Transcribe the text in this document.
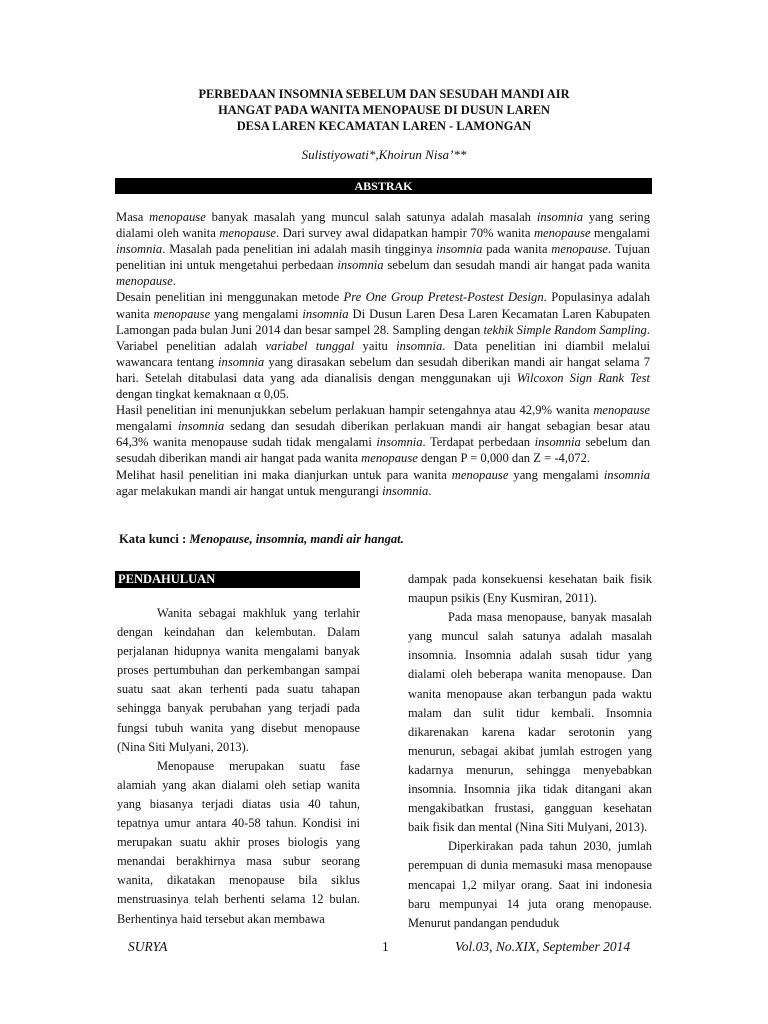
PERBEDAAN INSOMNIA SEBELUM DAN SESUDAH MANDI AIR
HANGAT PADA WANITA MENOPAUSE DI DUSUN LAREN
DESA LAREN KECAMATAN LAREN - LAMONGAN
Sulistiyowati*,Khoirun Nisa’**
ABSTRAK

Masa menopause banyak masalah yang muncul salah satunya adalah masalah insomnia yang sering dialami oleh wanita menopause. Dari survey awal didapatkan hampir 70% wanita menopause mengalami insomnia. Masalah pada penelitian ini adalah masih tingginya insomnia pada wanita menopause. Tujuan penelitian ini untuk mengetahui perbedaan insomnia sebelum dan sesudah mandi air hangat pada wanita menopause.

Desain penelitian ini menggunakan metode Pre One Group Pretest-Postest Design. Populasinya adalah wanita menopause yang mengalami insomnia Di Dusun Laren Desa Laren Kecamatan Laren Kabupaten Lamongan pada bulan Juni 2014 dan besar sampel 28. Sampling dengan tekhik Simple Random Sampling. Variabel penelitian adalah variabel tunggal yaitu insomnia. Data penelitian ini diambil melalui wawancara tentang insomnia yang dirasakan sebelum dan sesudah diberikan mandi air hangat selama 7 hari. Setelah ditabulasi data yang ada dianalisis dengan menggunakan uji Wilcoxon Sign Rank Test dengan tingkat kemaknaan α 0,05.

Hasil penelitian ini menunjukkan sebelum perlakuan hampir setengahnya atau 42,9% wanita menopause mengalami insomnia sedang dan sesudah diberikan perlakuan mandi air hangat sebagian besar atau 64,3% wanita menopause sudah tidak mengalami insomnia. Terdapat perbedaan insomnia sebelum dan sesudah diberikan mandi air hangat pada wanita menopause dengan P = 0,000 dan Z = -4,072.

Melihat hasil penelitian ini maka dianjurkan untuk para wanita menopause yang mengalami insomnia agar melakukan mandi air hangat untuk mengurangi insomnia.

Kata kunci : Menopause, insomnia, mandi air hangat.
PENDAHULUAN

Wanita sebagai makhluk yang terlahir dengan keindahan dan kelembutan. Dalam perjalanan hidupnya wanita mengalami banyak proses pertumbuhan dan perkembangan sampai suatu saat akan terhenti pada suatu tahapan sehingga banyak perubahan yang terjadi pada fungsi tubuh wanita yang disebut menopause (Nina Siti Mulyani, 2013).

Menopause merupakan suatu fase alamiah yang akan dialami oleh setiap wanita yang biasanya terjadi diatas usia 40 tahun, tepatnya umur antara 40-58 tahun. Kondisi ini merupakan suatu akhir proses biologis yang menandai berakhirnya masa subur seorang wanita, dikatakan menopause bila siklus menstruasinya telah berhenti selama 12 bulan. Berhentinya haid tersebut akan membawa

dampak pada konsekuensi kesehatan baik fisik maupun psikis (Eny Kusmiran, 2011).

Pada masa menopause, banyak masalah yang muncul salah satunya adalah masalah insomnia. Insomnia adalah susah tidur yang dialami oleh beberapa wanita menopause. Dan wanita menopause akan terbangun pada waktu malam dan sulit tidur kembali. Insomnia dikarenakan karena kadar serotonin yang menurun, sebagai akibat jumlah estrogen yang kadarnya menurun, sehingga menyebabkan insomnia. Insomnia jika tidak ditangani akan mengakibatkan frustasi, gangguan kesehatan baik fisik dan mental (Nina Siti Mulyani, 2013).

Diperkirakan pada tahun 2030, jumlah perempuan di dunia memasuki masa menopause mencapai 1,2 milyar orang. Saat ini indonesia baru mempunyai 14 juta orang menopause. Menurut pandangan penduduk

SURYA	1	Vol.03, No.XIX, September 2014
